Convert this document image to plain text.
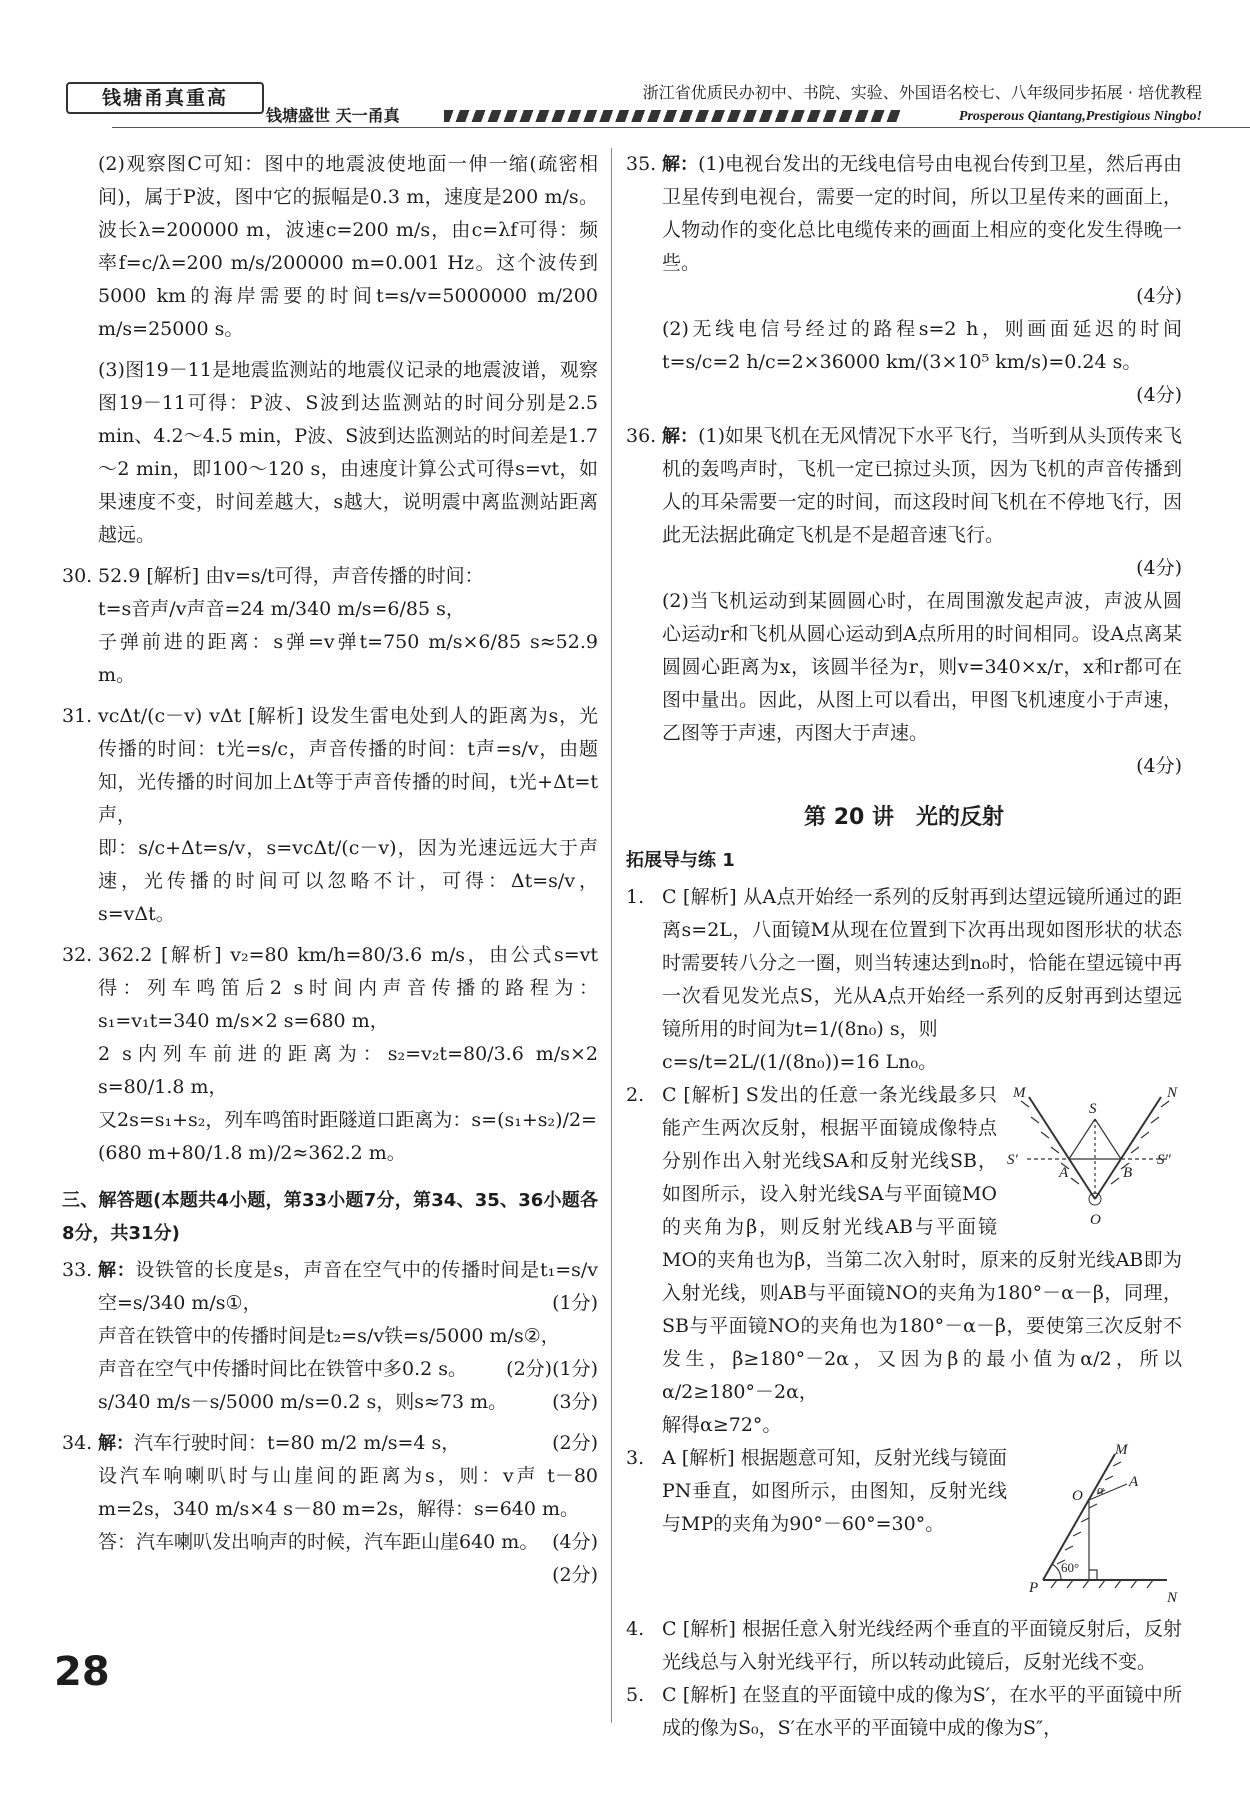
钱塘甬真重高
钱塘盛世 天一甬真
浙江省优质民办初中、书院、实验、外国语名校七、八年级同步拓展 · 培优教程
Prosperous Qiantang,Prestigious Ningbo!
(2)观察图C可知：图中的地震波使地面一伸一缩(疏密相间)，属于P波，图中它的振幅是0.3 m，速度是200 m/s。波长λ=200000 m，波速c=200 m/s，由c=λf可得：频率f=c/λ=200 m/s/200000 m=0.001 Hz。这个波传到5000 km的海岸需要的时间t=s/v=5000000 m/200 m/s=25000 s。
(3)图19－11是地震监测站的地震仪记录的地震波谱，观察图19－11可得：P波、S波到达监测站的时间分别是2.5 min、4.2～4.5 min，P波、S波到达监测站的时间差是1.7～2 min，即100～120 s，由速度计算公式可得s=vt，如果速度不变，时间差越大，s越大，说明震中离监测站距离越远。
30. 52.9 [解析] 由v=s/t可得，声音传播的时间：
t=s音声/v声音=24 m/340 m/s=6/85 s，
子弹前进的距离：s弹=v弹t=750 m/s×6/85 s≈52.9 m。
31. vcΔt/(c－v) vΔt [解析] 设发生雷电处到人的距离为s，光传播的时间：t光=s/c，声音传播的时间：t声=s/v，由题知，光传播的时间加上Δt等于声音传播的时间，t光+Δt=t声，
即：s/c+Δt=s/v，s=vcΔt/(c－v)，因为光速远远大于声速，光传播的时间可以忽略不计，可得：Δt=s/v，s=vΔt。
32. 362.2 [解析] v₂=80 km/h=80/3.6 m/s，由公式s=vt得：列车鸣笛后2 s时间内声音传播的路程为：s₁=v₁t=340 m/s×2 s=680 m，
2 s内列车前进的距离为：s₂=v₂t=80/3.6 m/s×2 s=80/1.8 m，
又2s=s₁+s₂，列车鸣笛时距隧道口距离为：s=(s₁+s₂)/2=
(680 m+80/1.8 m)/2≈362.2 m。
三、解答题(本题共4小题，第33小题7分，第34、35、36小题各8分，共31分)
33. 解：设铁管的长度是s，声音在空气中的传播时间是t₁=s/v空=s/340 m/s①，	(1分)
声音在铁管中的传播时间是t₂=s/v铁=s/5000 m/s②，
(1分)
声音在空气中传播时间比在铁管中多0.2 s。 (2分)
s/340 m/s－s/5000 m/s=0.2 s，则s≈73 m。 (3分)
34. 解：汽车行驶时间：t=80 m/2 m/s=4 s，	(2分)
设汽车响喇叭时与山崖间的距离为s，则：v声 t－80 m=2s，340 m/s×4 s－80 m=2s，解得：s=640 m。
(4分)
答：汽车喇叭发出响声的时候，汽车距山崖640 m。
(2分)
35. 解：(1)电视台发出的无线电信号由电视台传到卫星，然后再由卫星传到电视台，需要一定的时间，所以卫星传来的画面上，人物动作的变化总比电缆传来的画面上相应的变化发生得晚一些。
(4分)
(2)无线电信号经过的路程s=2 h，则画面延迟的时间t=s/c=2 h/c=2×36000 km/(3×10⁵ km/s)=0.24 s。
(4分)
36. 解：(1)如果飞机在无风情况下水平飞行，当听到从头顶传来飞机的轰鸣声时，飞机一定已掠过头顶，因为飞机的声音传播到人的耳朵需要一定的时间，而这段时间飞机在不停地飞行，因此无法据此确定飞机是不是超音速飞行。
(4分)
(2)当飞机运动到某圆圆心时，在周围激发起声波，声波从圆心运动r和飞机从圆心运动到A点所用的时间相同。设A点离某圆圆心距离为x，该圆半径为r，则v=340×x/r，x和r都可在图中量出。因此，从图上可以看出，甲图飞机速度小于声速，乙图等于声速，丙图大于声速。
(4分)
第 20 讲　光的反射
拓展导与练 1
1. C [解析] 从A点开始经一系列的反射再到达望远镜所通过的距离s=2L，八面镜M从现在位置到下次再出现如图形状的状态时需要转八分之一圈，则当转速达到n₀时，恰能在望远镜中再一次看见发光点S，光从A点开始经一系列的反射再到达望远镜所用的时间为t=1/(8n₀) s，则
c=s/t=2L/(1/(8n₀))=16 Ln₀。
2.	M	N
S
S′	S″
A	B
O
C [解析] S发出的任意一条光线最多只能产生两次反射，根据平面镜成像特点分别作出入射光线SA和反射光线SB，如图所示，设入射光线SA与平面镜MO的夹角为β，则反射光线AB与平面镜MO的夹角也为β，当第二次入射时，原来的反射光线AB即为入射光线，则AB与平面镜NO的夹角为180°－α－β，同理，SB与平面镜NO的夹角也为180°－α－β，要使第三次反射不发生，β≥180°－2α，又因为β的最小值为α/2，所以α/2≥180°－2α，
解得α≥72°。
3.	M
A
O α
60°
P
N
A [解析] 根据题意可知，反射光线与镜面PN垂直，如图所示，由图知，反射光线与MP的夹角为90°－60°=30°。
4. C [解析] 根据任意入射光线经两个垂直的平面镜反射后，反射光线总与入射光线平行，所以转动此镜后，反射光线不变。
5. C [解析] 在竖直的平面镜中成的像为S′，在水平的平面镜中所成的像为S₀，S′在水平的平面镜中成的像为S″，
28
